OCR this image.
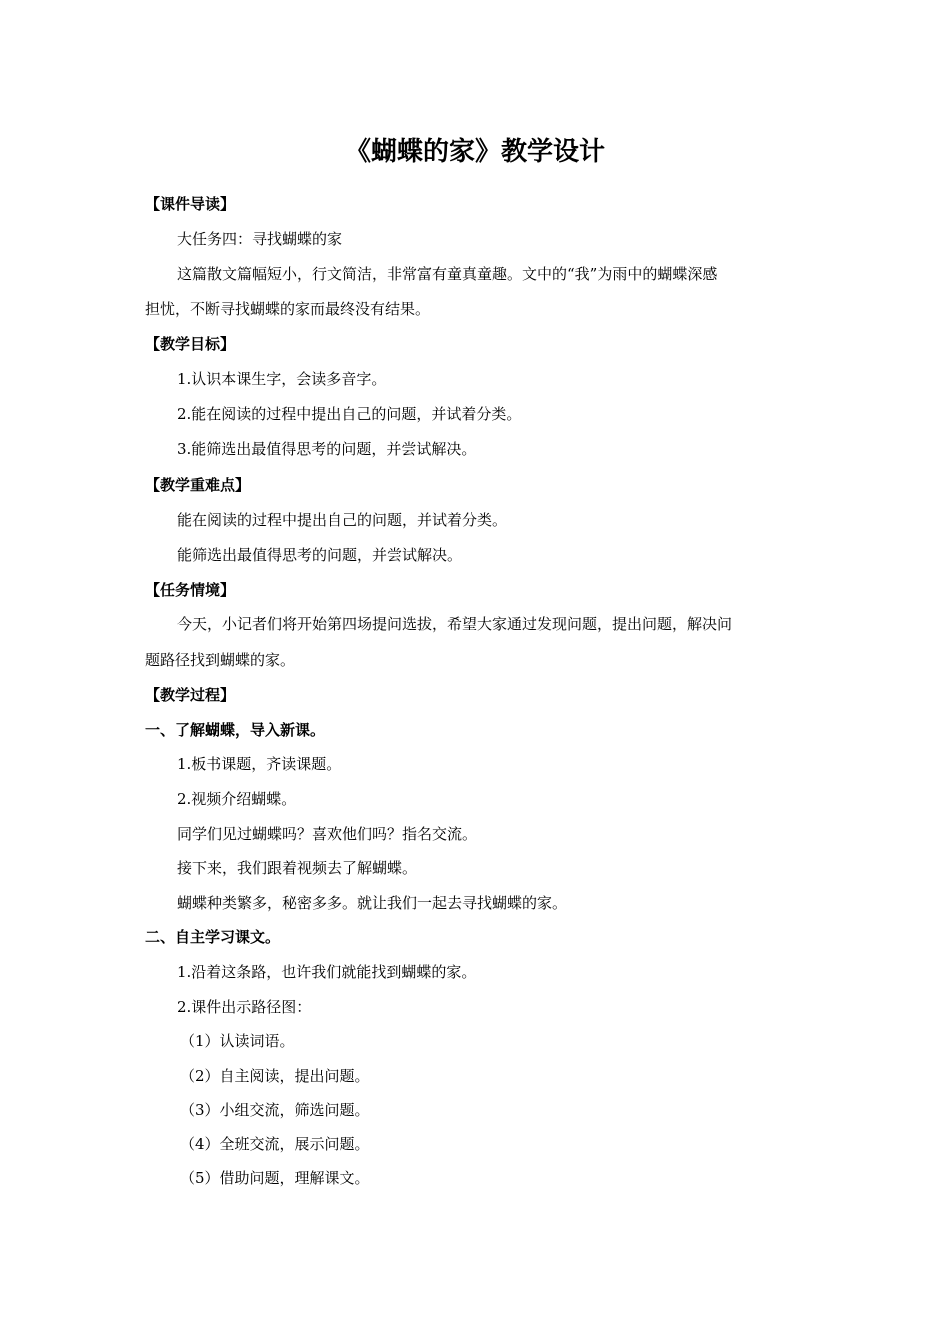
《蝴蝶的家》教学设计
【课件导读】
大任务四：寻找蝴蝶的家
这篇散文篇幅短小，行文简洁，非常富有童真童趣。文中的“我”为雨中的蝴蝶深感
担忧，不断寻找蝴蝶的家而最终没有结果。
【教学目标】
1.认识本课生字，会读多音字。
2.能在阅读的过程中提出自己的问题，并试着分类。
3.能筛选出最值得思考的问题，并尝试解决。
【教学重难点】
能在阅读的过程中提出自己的问题，并试着分类。
能筛选出最值得思考的问题，并尝试解决。
【任务情境】
今天，小记者们将开始第四场提问选拔，希望大家通过发现问题，提出问题，解决问
题路径找到蝴蝶的家。
【教学过程】
一、了解蝴蝶，导入新课。
1.板书课题，齐读课题。
2.视频介绍蝴蝶。
同学们见过蝴蝶吗？喜欢他们吗？指名交流。
接下来，我们跟着视频去了解蝴蝶。
蝴蝶种类繁多，秘密多多。就让我们一起去寻找蝴蝶的家。
二、自主学习课文。
1.沿着这条路，也许我们就能找到蝴蝶的家。
2.课件出示路径图：
（1）认读词语。
（2）自主阅读，提出问题。
（3）小组交流，筛选问题。
（4）全班交流，展示问题。
（5）借助问题，理解课文。
